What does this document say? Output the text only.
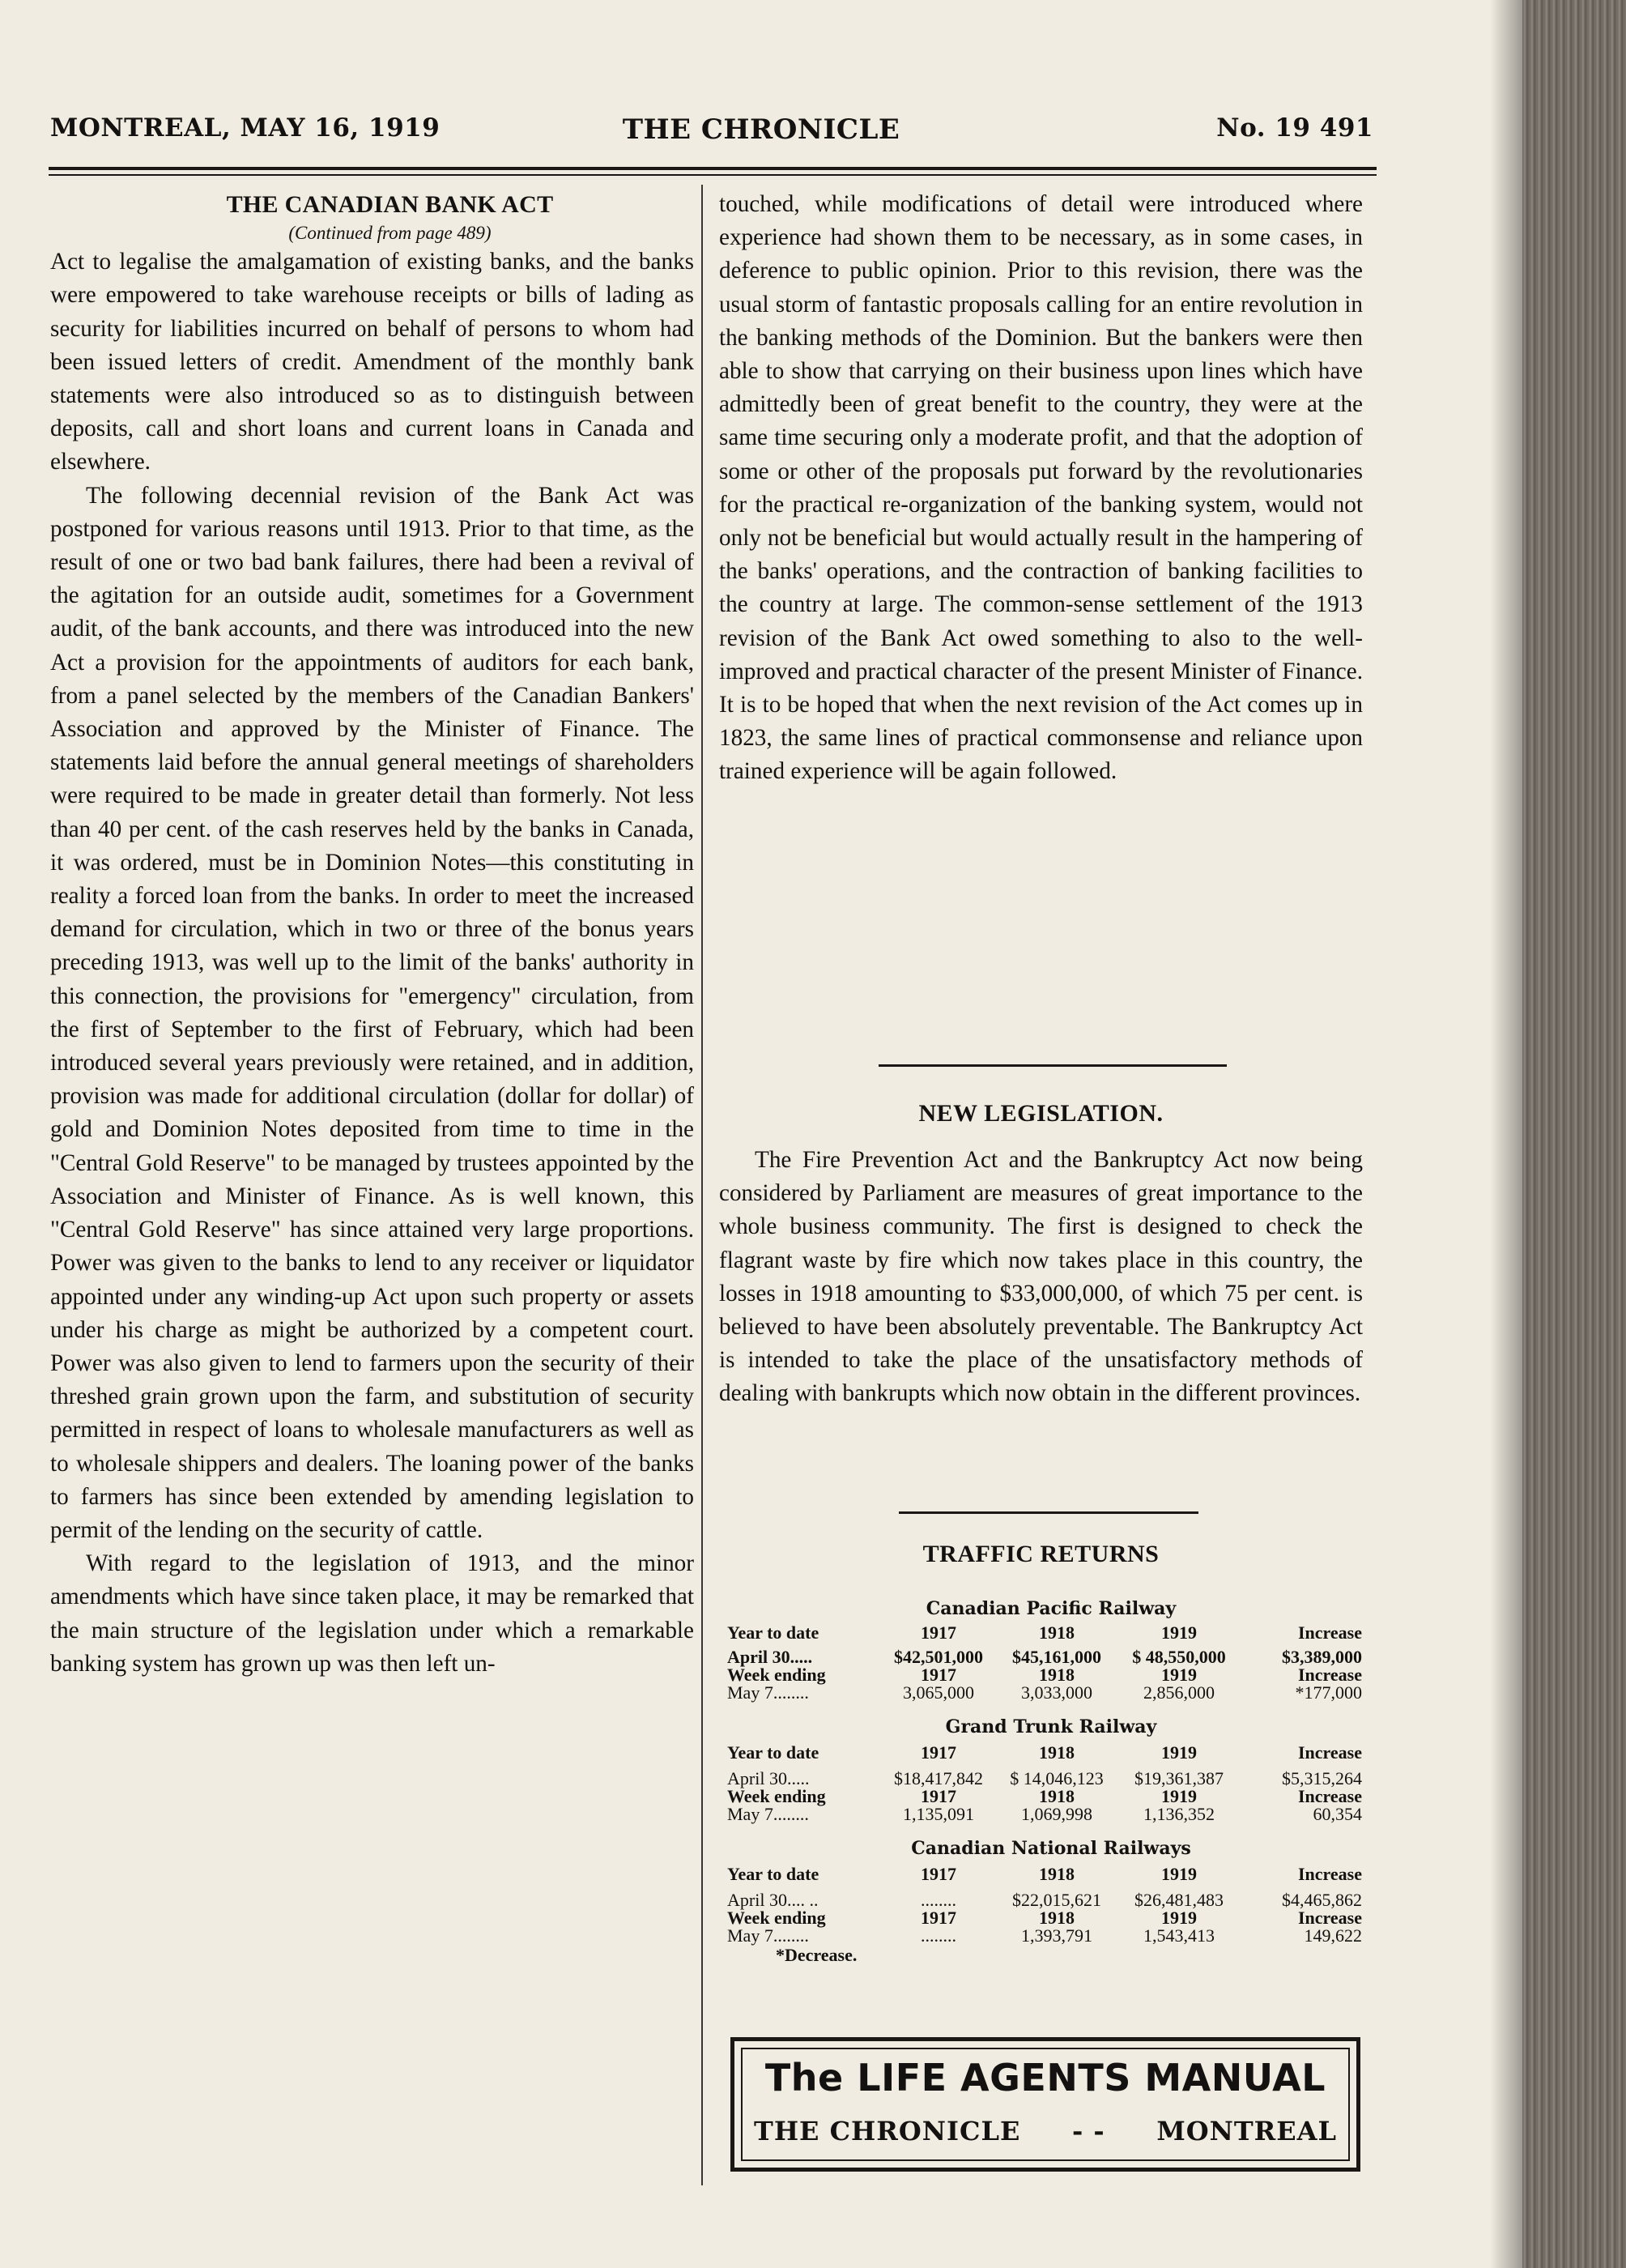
MONTREAL, MAY 16, 1919	THE CHRONICLE	No. 19 491

THE CANADIAN BANK ACT

(Continued from page 489)

Act to legalise the amalgamation of existing banks, and the banks were empowered to take warehouse receipts or bills of lading as security for liabilities incurred on behalf of persons to whom had been issued letters of credit. Amendment of the monthly bank statements were also introduced so as to distinguish between deposits, call and short loans and current loans in Canada and elsewhere.

The following decennial revision of the Bank Act was postponed for various reasons until 1913. Prior to that time, as the result of one or two bad bank failures, there had been a revival of the agitation for an outside audit, sometimes for a Government audit, of the bank accounts, and there was introduced into the new Act a provision for the appointments of auditors for each bank, from a panel selected by the members of the Canadian Bankers' Association and approved by the Minister of Finance. The statements laid before the annual general meetings of shareholders were required to be made in greater detail than formerly. Not less than 40 per cent. of the cash reserves held by the banks in Canada, it was ordered, must be in Dominion Notes—this constituting in reality a forced loan from the banks. In order to meet the increased demand for circulation, which in two or three of the bonus years preceding 1913, was well up to the limit of the banks' authority in this connection, the provisions for "emergency" circulation, from the first of September to the first of February, which had been introduced several years previously were retained, and in addition, provision was made for additional circulation (dollar for dollar) of gold and Dominion Notes deposited from time to time in the "Central Gold Reserve" to be managed by trustees appointed by the Association and Minister of Finance. As is well known, this "Central Gold Reserve" has since attained very large proportions. Power was given to the banks to lend to any receiver or liquidator appointed under any winding-up Act upon such property or assets under his charge as might be authorized by a competent court. Power was also given to lend to farmers upon the security of their threshed grain grown upon the farm, and substitution of security permitted in respect of loans to wholesale manufacturers as well as to wholesale shippers and dealers. The loaning power of the banks to farmers has since been extended by amending legislation to permit of the lending on the security of cattle.

With regard to the legislation of 1913, and the minor amendments which have since taken place, it may be remarked that the main structure of the legislation under which a remarkable banking system has grown up was then left un-

touched, while modifications of detail were introduced where experience had shown them to be necessary, as in some cases, in deference to public opinion. Prior to this revision, there was the usual storm of fantastic proposals calling for an entire revolution in the banking methods of the Dominion. But the bankers were then able to show that carrying on their business upon lines which have admittedly been of great benefit to the country, they were at the same time securing only a moderate profit, and that the adoption of some or other of the proposals put forward by the revolutionaries for the practical re-organization of the banking system, would not only not be beneficial but would actually result in the hampering of the banks' operations, and the contraction of banking facilities to the country at large. The common-sense settlement of the 1913 revision of the Bank Act owed something to also to the well-improved and practical character of the present Minister of Finance. It is to be hoped that when the next revision of the Act comes up in 1823, the same lines of practical commonsense and reliance upon trained experience will be again followed.

NEW LEGISLATION.

The Fire Prevention Act and the Bankruptcy Act now being considered by Parliament are measures of great importance to the whole business community. The first is designed to check the flagrant waste by fire which now takes place in this country, the losses in 1918 amounting to $33,000,000, of which 75 per cent. is believed to have been absolutely preventable. The Bankruptcy Act is intended to take the place of the unsatisfactory methods of dealing with bankrupts which now obtain in the different provinces.

TRAFFIC RETURNS
Canadian Pacific Railway
Year to date	1917	1918	1919	Increase
April 30.....	$42,501,000	$45,161,000	$ 48,550,000	$3,389,000
Week ending	1917	1918	1919	Increase
May 7........	3,065,000	3,033,000	2,856,000	*177,000
Grand Trunk Railway
Year to date	1917	1918	1919	Increase
April 30.....	$18,417,842	$ 14,046,123	$19,361,387	$5,315,264
Week ending	1917	1918	1919	Increase
May 7........	1,135,091	1,069,998	1,136,352	60,354
Canadian National Railways
Year to date	1917	1918	1919	Increase
April 30.... ..	........	$22,015,621	$26,481,483	$4,465,862
Week ending	1917	1918	1919	Increase
May 7........	........	1,393,791	1,543,413	149,622
*Decrease.
The LIFE AGENTS MANUAL
THE CHRONICLE - - MONTREAL
